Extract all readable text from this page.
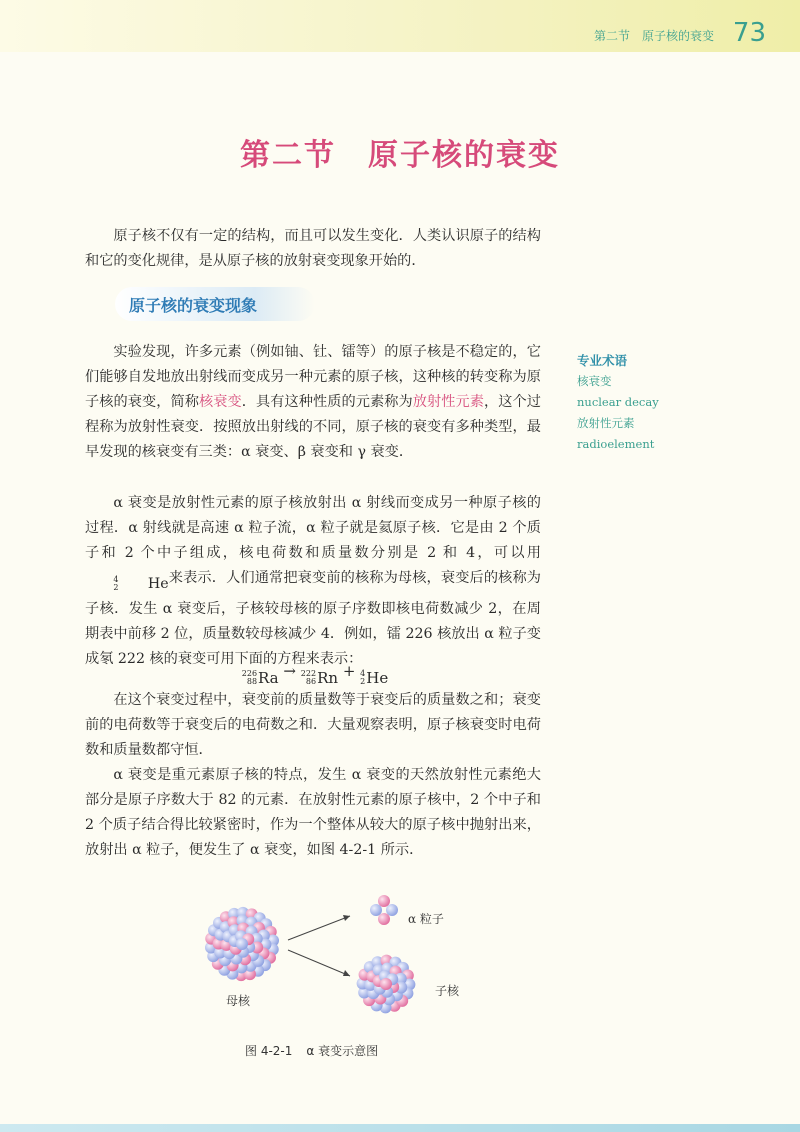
第二节　原子核的衰变 73
第二节 原子核的衰变

原子核不仅有一定的结构，而且可以发生变化．人类认识原子的结构和它的变化规律，是从原子核的放射衰变现象开始的．

原子核的衰变现象

实验发现，许多元素（例如铀、钍、镭等）的原子核是不稳定的，它们能够自发地放出射线而变成另一种元素的原子核，这种核的转变称为原子核的衰变，简称核衰变．具有这种性质的元素称为放射性元素，这个过程称为放射性衰变．按照放出射线的不同，原子核的衰变有多种类型，最早发现的核衰变有三类：α 衰变、β 衰变和 γ 衰变．

α 衰变是放射性元素的原子核放射出 α 射线而变成另一种原子核的过程．α 射线就是高速 α 粒子流，α 粒子就是氦原子核．它是由 2 个质子和 2 个中子组成，核电荷数和质量数分别是 2 和 4，可以用
4
2	He 来表示．人们通常把衰变前的核称为母核，衰变后的核称为子核．发生 α 衰变后，子核较母核的原子序数即核电荷数减少 2，在周期表中前移 2 位，质量数较母核减少 4．例如，镭 226 核放出 α 粒子变成氡 222 核的衰变可用下面的方程来表示：

226
88 Ra → 222
86 Rn + 4
2 He

在这个衰变过程中，衰变前的质量数等于衰变后的质量数之和；衰变前的电荷数等于衰变后的电荷数之和．大量观察表明，原子核衰变时电荷数和质量数都守恒．

α 衰变是重元素原子核的特点，发生 α 衰变的天然放射性元素绝大部分是原子序数大于 82 的元素．在放射性元素的原子核中，2 个中子和 2 个质子结合得比较紧密时，作为一个整体从较大的原子核中抛射出来，放射出 α 粒子，便发生了 α 衰变，如图 4-2-1 所示．

专业术语
核衰变
nuclear decay
放射性元素
radioelement
母核
α 粒子
子核
图 4-2-1 α 衰变示意图
